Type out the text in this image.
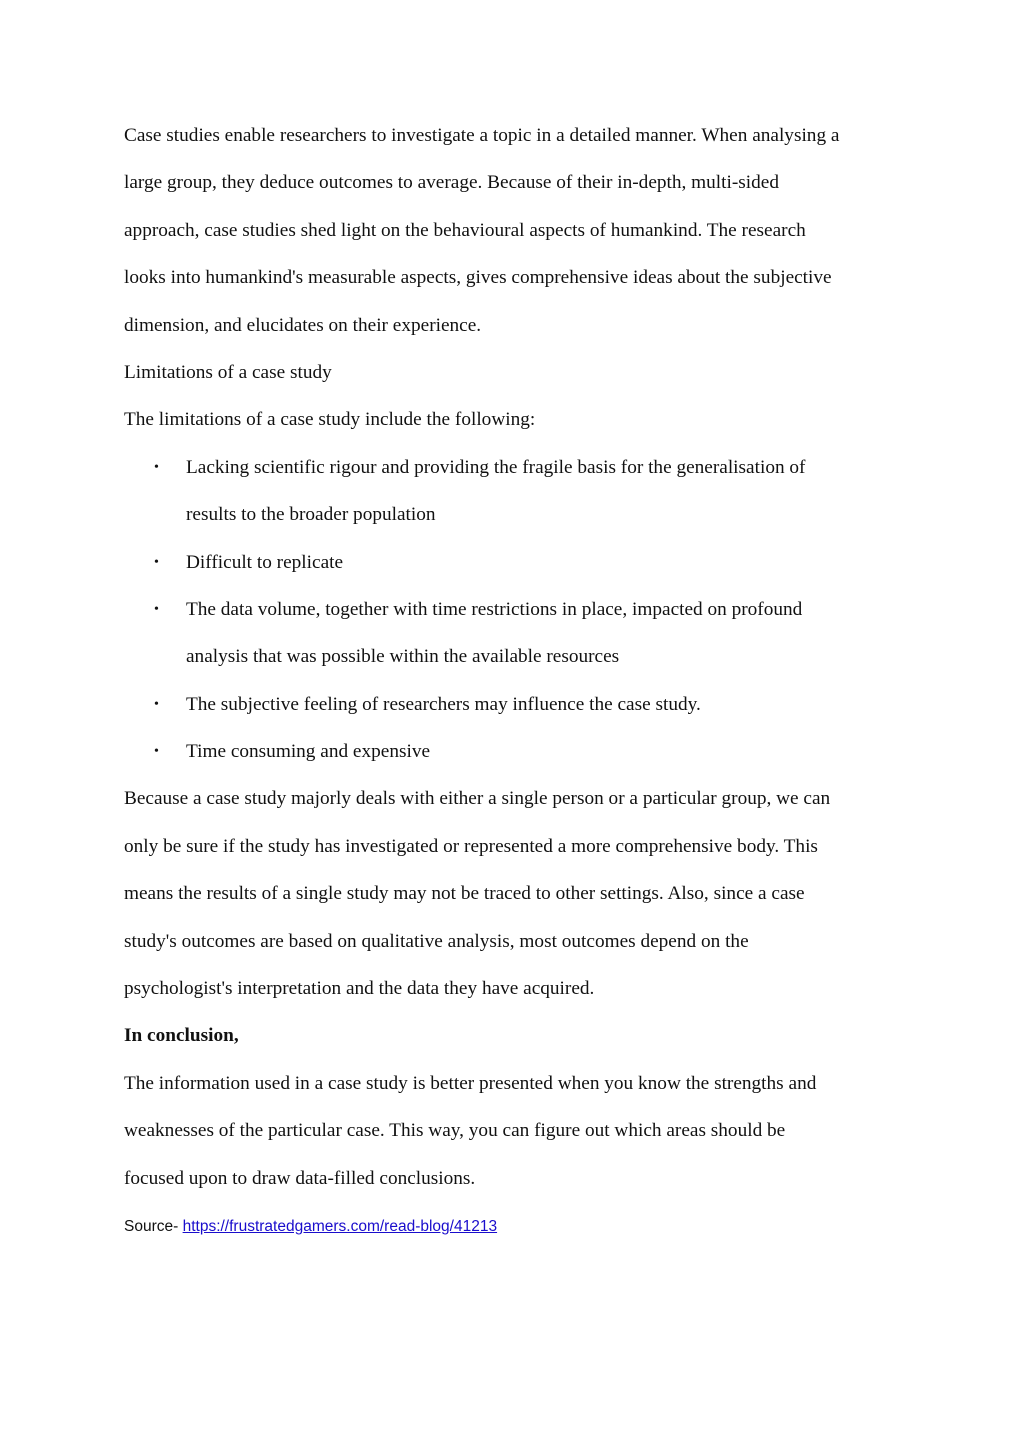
Case studies enable researchers to investigate a topic in a detailed manner. When analysing a
large group, they deduce outcomes to average. Because of their in-depth, multi-sided
approach, case studies shed light on the behavioural aspects of humankind. The research
looks into humankind's measurable aspects, gives comprehensive ideas about the subjective
dimension, and elucidates on their experience.
Limitations of a case study
The limitations of a case study include the following:
• Lacking scientific rigour and providing the fragile basis for the generalisation of
results to the broader population
• Difficult to replicate
• The data volume, together with time restrictions in place, impacted on profound
analysis that was possible within the available resources
• The subjective feeling of researchers may influence the case study.
• Time consuming and expensive
Because a case study majorly deals with either a single person or a particular group, we can
only be sure if the study has investigated or represented a more comprehensive body. This
means the results of a single study may not be traced to other settings. Also, since a case
study's outcomes are based on qualitative analysis, most outcomes depend on the
psychologist's interpretation and the data they have acquired.
In conclusion,
The information used in a case study is better presented when you know the strengths and
weaknesses of the particular case. This way, you can figure out which areas should be
focused upon to draw data-filled conclusions.
Source- https://frustratedgamers.com/read-blog/41213
